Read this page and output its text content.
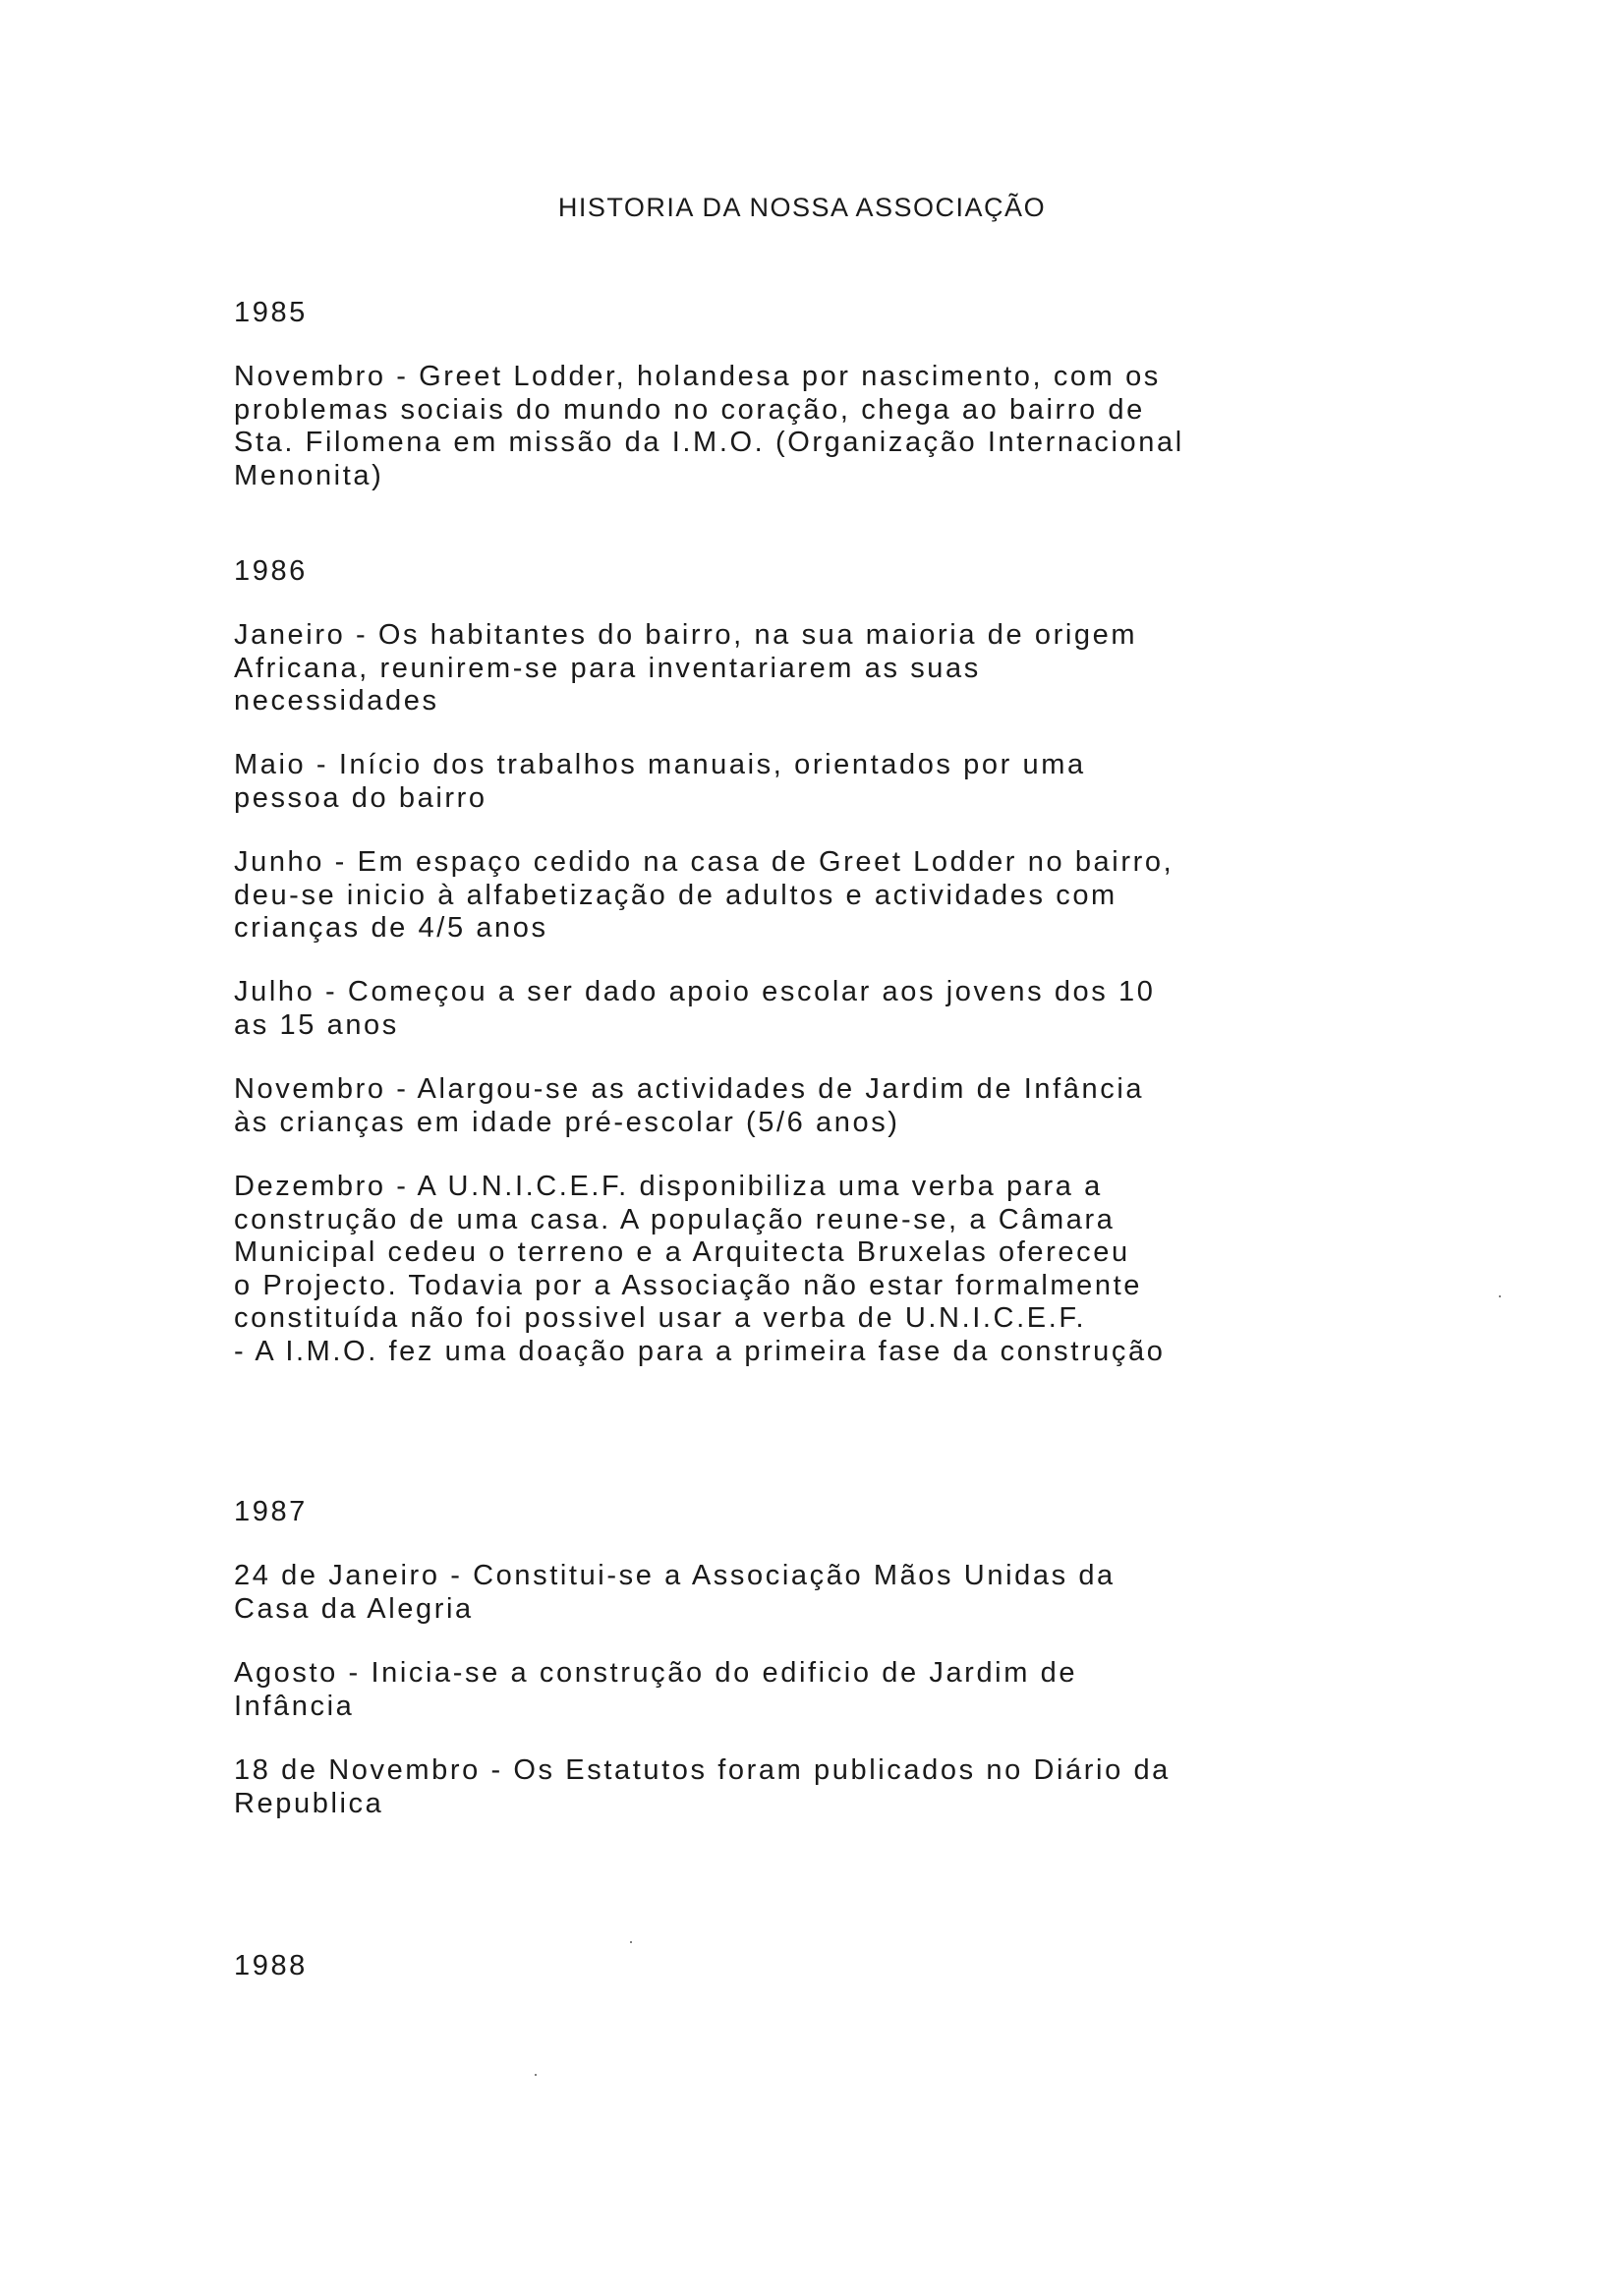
HISTORIA DA NOSSA ASSOCIAÇÃO

1985

Novembro - Greet Lodder, holandesa por nascimento, com os
problemas sociais do mundo no coração, chega ao bairro de
Sta. Filomena em missão da I.M.O. (Organização Internacional
Menonita)

1986

Janeiro - Os habitantes do bairro, na sua maioria de origem
Africana, reunirem-se para inventariarem as suas
necessidades

Maio - Início dos trabalhos manuais, orientados por uma
pessoa do bairro

Junho - Em espaço cedido na casa de Greet Lodder no bairro,
deu-se inicio à alfabetização de adultos e actividades com
crianças de 4/5 anos

Julho - Começou a ser dado apoio escolar aos jovens dos 10
as 15 anos

Novembro - Alargou-se as actividades de Jardim de Infância
às crianças em idade pré-escolar (5/6 anos)

Dezembro - A U.N.I.C.E.F. disponibiliza uma verba para a
construção de uma casa. A população reune-se, a Câmara
Municipal cedeu o terreno e a Arquitecta Bruxelas ofereceu
o Projecto. Todavia por a Associação não estar formalmente
constituída não foi possivel usar a verba de U.N.I.C.E.F.
- A I.M.O. fez uma doação para a primeira fase da construção

1987

24 de Janeiro - Constitui-se a Associação Mãos Unidas da
Casa da Alegria

Agosto - Inicia-se a construção do edificio de Jardim de
Infância

18 de Novembro - Os Estatutos foram publicados no Diário da
Republica

1988
